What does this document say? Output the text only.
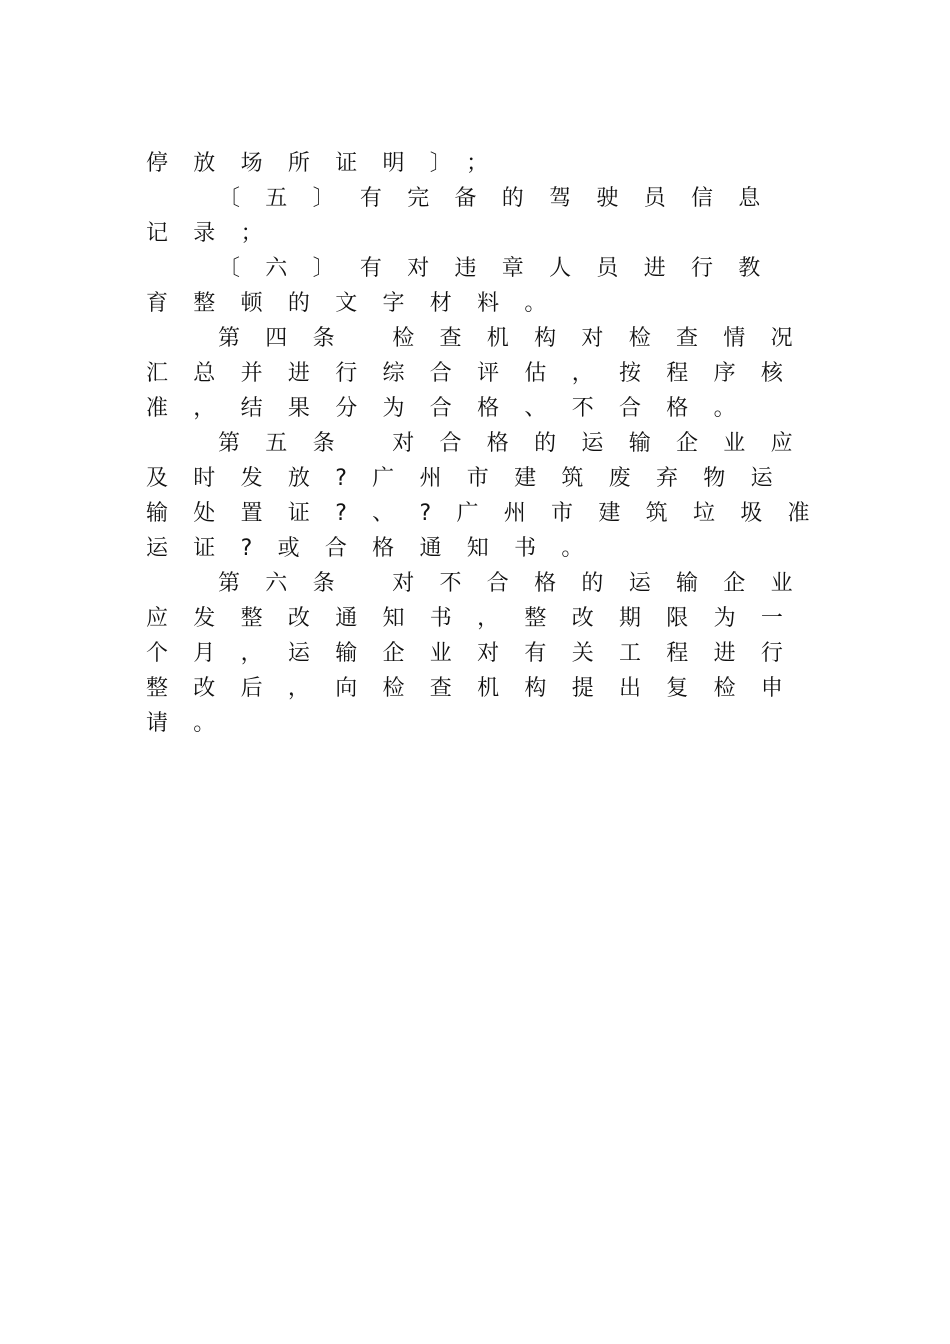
停放场所证明〕；
〔五〕有完备的驾驶员信息
记录；
〔六〕有对违章人员进行教
育整顿的文字材料。
第四条 检查机构对检查情况
汇总并进行综合评估，按程序核
准，结果分为合格、不合格。
第五条 对合格的运输企业应
及时发放?广州市建筑废弃物运
输处置证?、?广州市建筑垃圾准
运证?或合格通知书。
第六条 对不合格的运输企业
应发整改通知书，整改期限为一
个月，运输企业对有关工程进行
整改后，向检查机构提出复检申
请。
